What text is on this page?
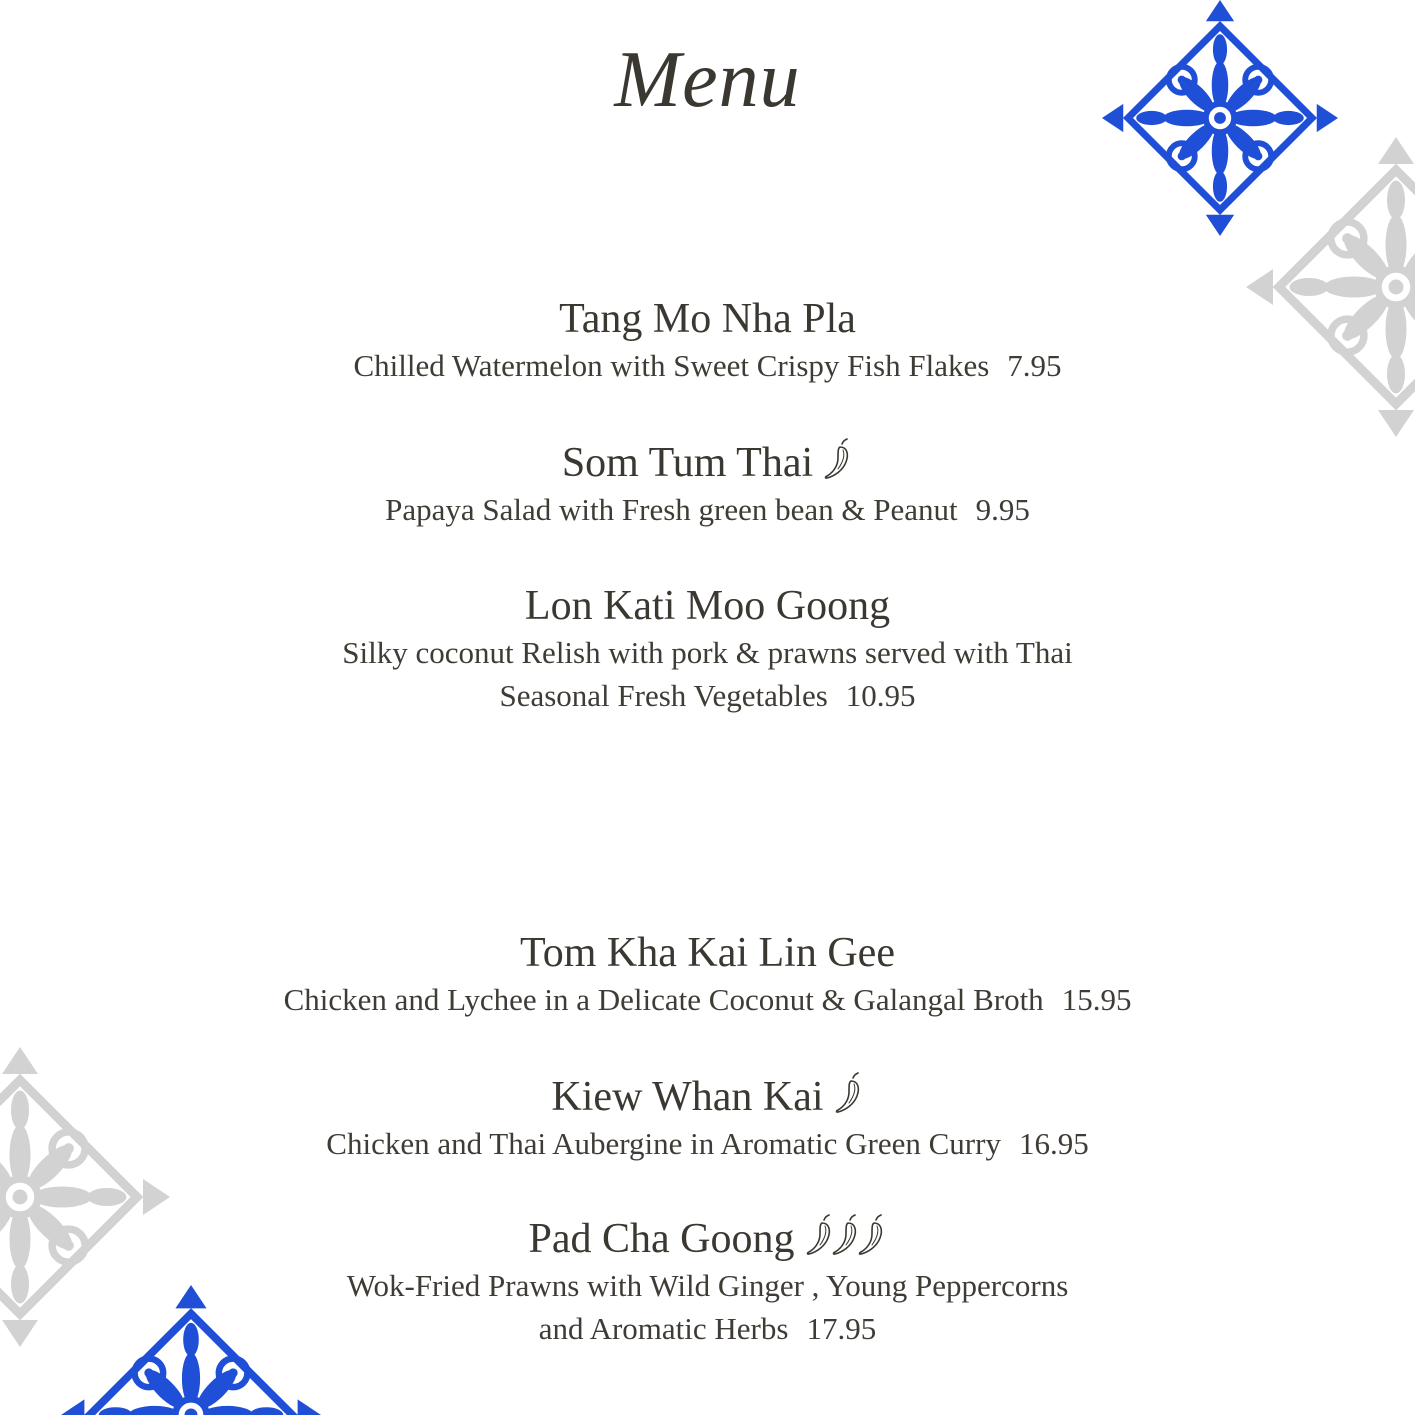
Menu
Tang Mo Nha Pla
Chilled Watermelon with Sweet Crispy Fish Flakes 7.95
Som Tum Thai
Papaya Salad with Fresh green bean & Peanut 9.95
Lon Kati Moo Goong
Silky coconut Relish with pork & prawns served with Thai
Seasonal Fresh Vegetables 10.95
Tom Kha Kai Lin Gee
Chicken and Lychee in a Delicate Coconut & Galangal Broth 15.95
Kiew Whan Kai
Chicken and Thai Aubergine in Aromatic Green Curry 16.95
Pad Cha Goong
Wok-Fried Prawns with Wild Ginger , Young Peppercorns
and Aromatic Herbs 17.95
